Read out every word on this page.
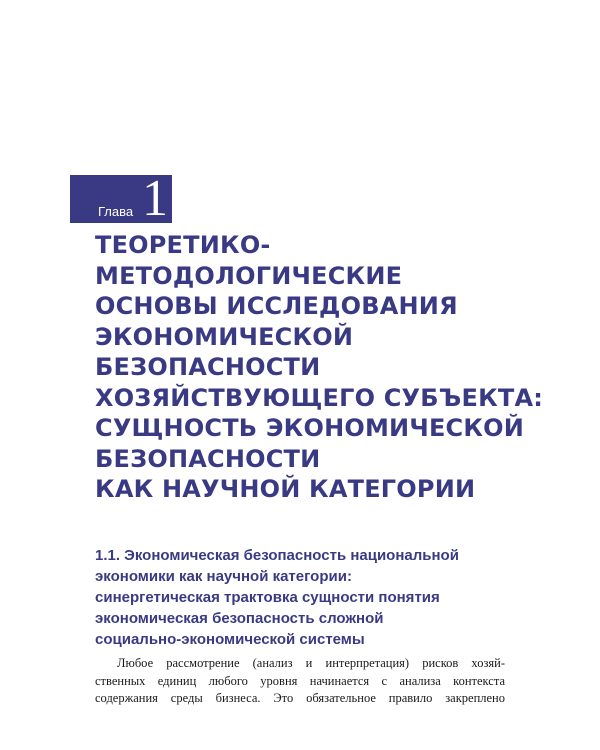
Глава 1
ТЕОРЕТИКО-
МЕТОДОЛОГИЧЕСКИЕ
ОСНОВЫ ИССЛЕДОВАНИЯ
ЭКОНОМИЧЕСКОЙ
БЕЗОПАСНОСТИ
ХОЗЯЙСТВУЮЩЕГО СУБЪЕКТА:
СУЩНОСТЬ ЭКОНОМИЧЕСКОЙ
БЕЗОПАСНОСТИ
КАК НАУЧНОЙ КАТЕГОРИИ
1.1. Экономическая безопасность национальной
экономики как научной категории:
синергетическая трактовка сущности понятия
экономическая безопасность сложной
социально-экономической системы

Любое рассмотрение (анализ и интерпретация) рисков хозяй-
ственных единиц любого уровня начинается с анализа контекста
содержания среды бизнеса. Это обязательное правило закреплено
